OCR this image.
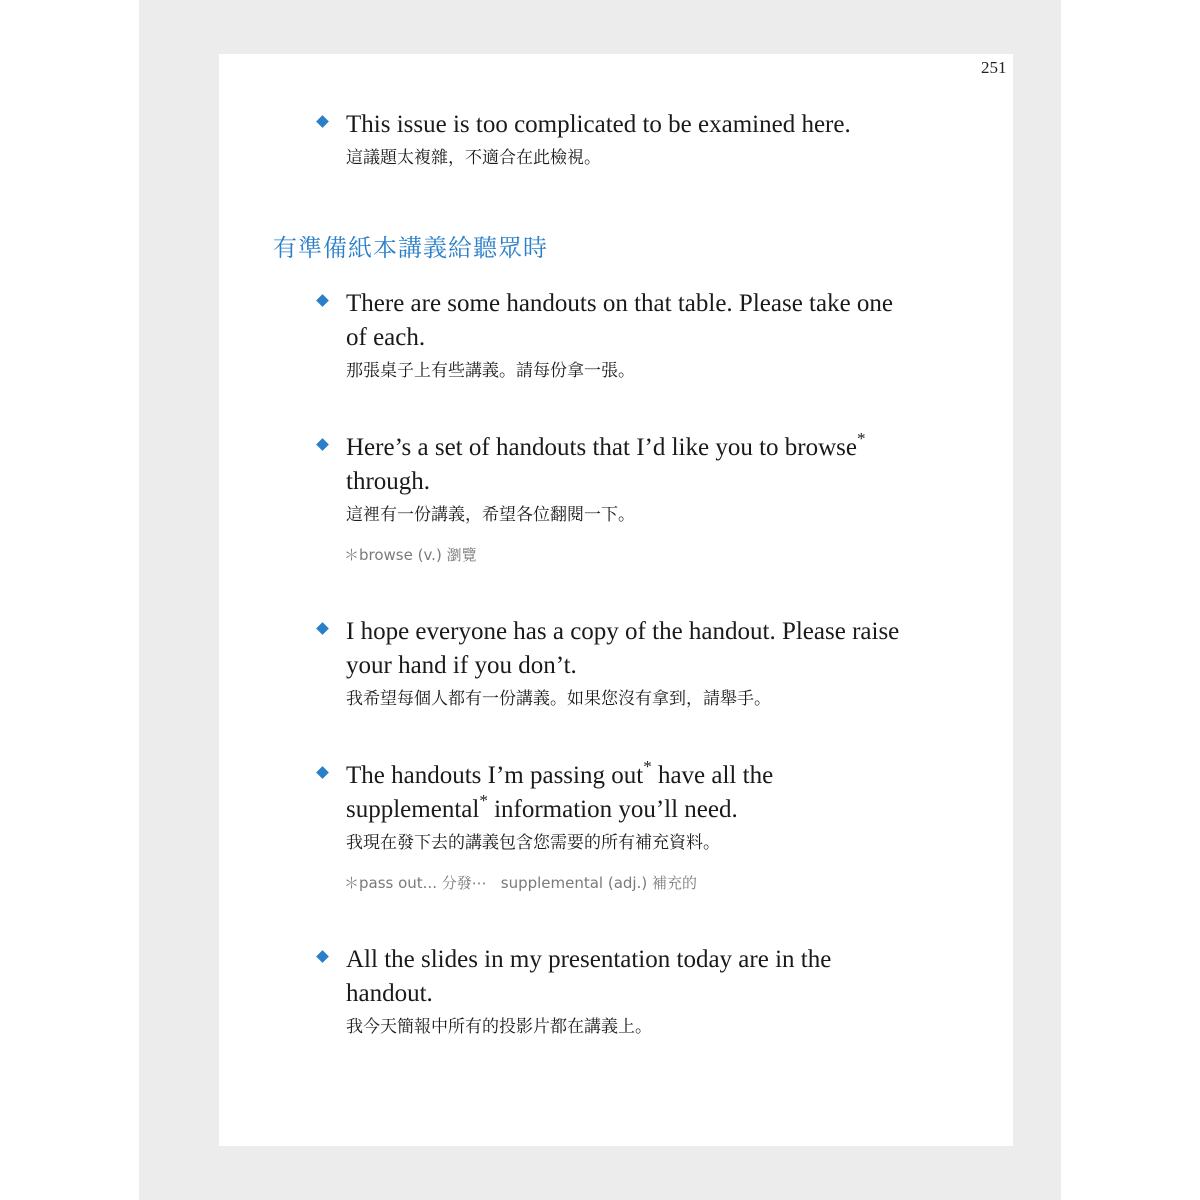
251
This issue is too complicated to be examined here.
這議題太複雜，不適合在此檢視。
有準備紙本講義給聽眾時
There are some handouts on that table. Please take one
of each.
那張桌子上有些講義。請每份拿一張。
Here’s a set of handouts that I’d like you to browse*
through.
這裡有一份講義，希望各位翻閱一下。
＊browse (v.) 瀏覽
I hope everyone has a copy of the handout. Please raise
your hand if you don’t.
我希望每個人都有一份講義。如果您沒有拿到，請舉手。
The handouts I’m passing out* have all the
supplemental* information you’ll need.
我現在發下去的講義包含您需要的所有補充資料。
＊pass out... 分發⋯ supplemental (adj.) 補充的
All the slides in my presentation today are in the
handout.
我今天簡報中所有的投影片都在講義上。
